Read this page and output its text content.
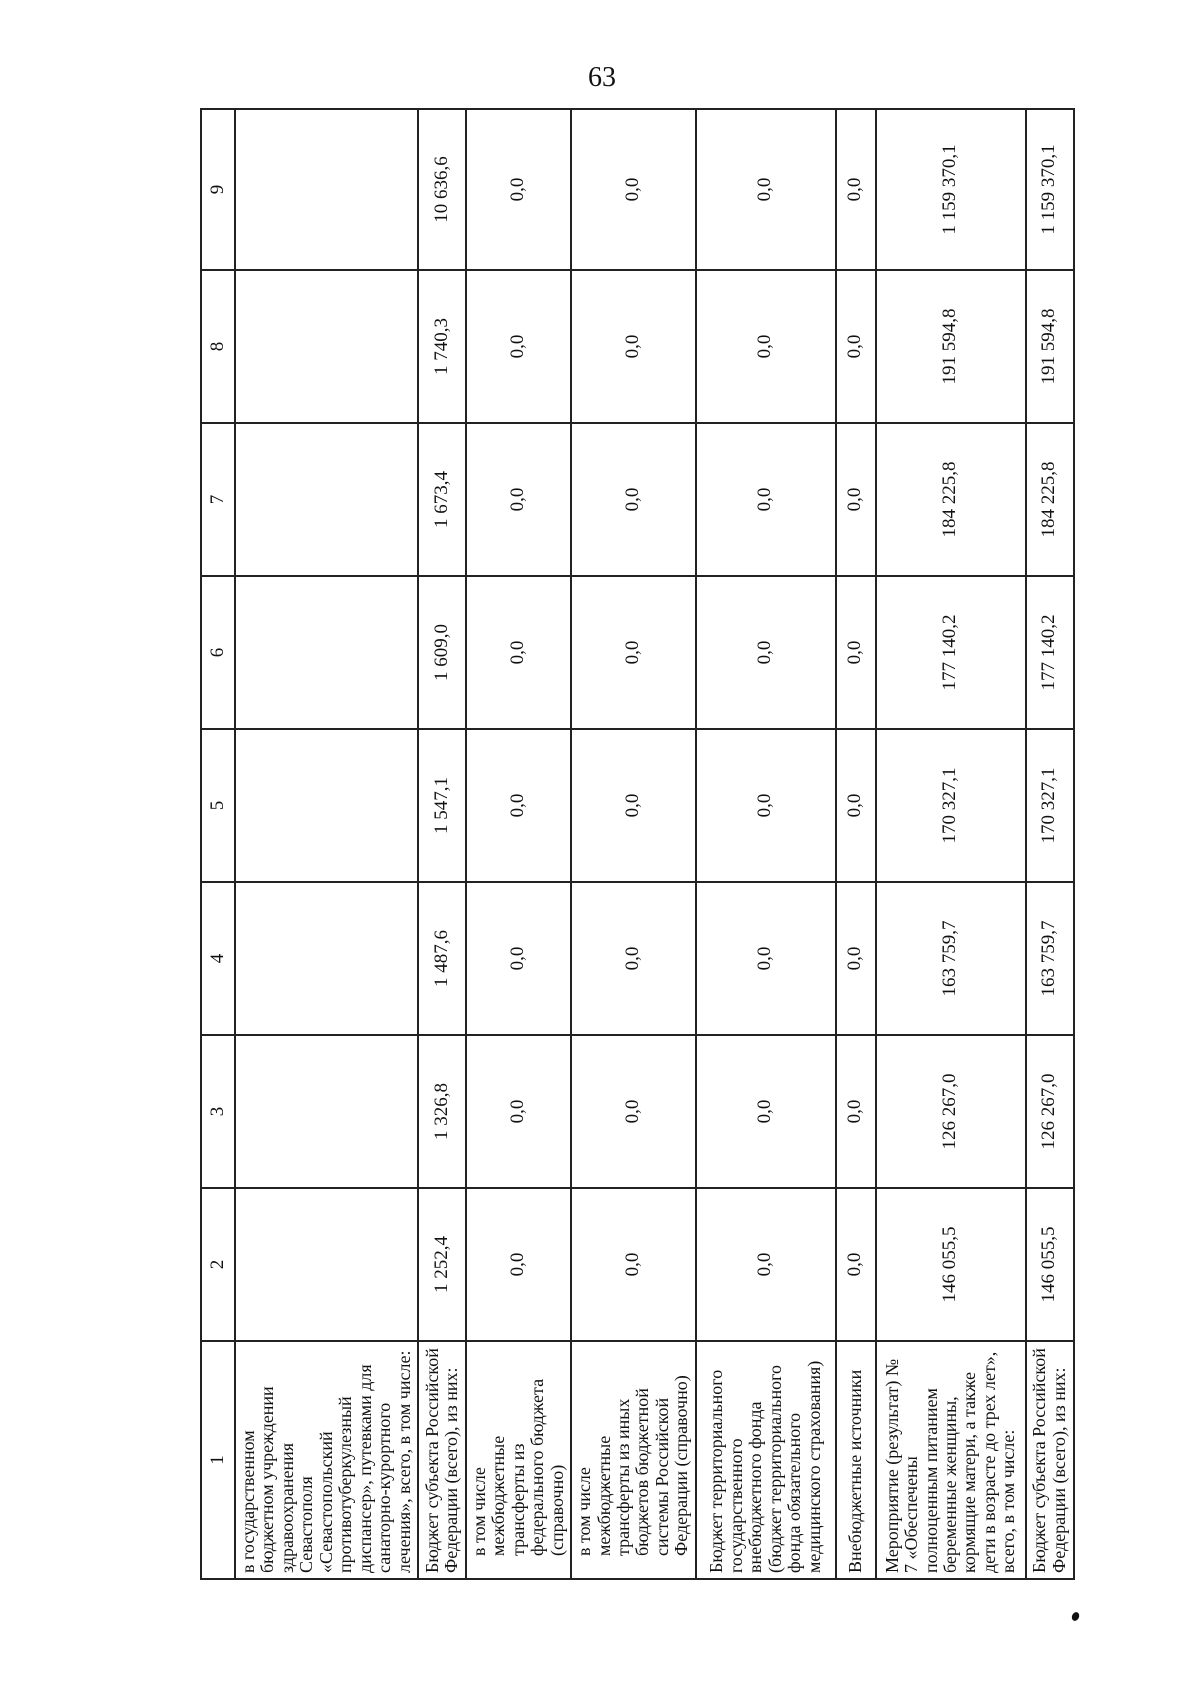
63
1	2	3	4	5	6	7	8	9
в государственном бюджетном учреждении здравоохранения Севастополя «Севастопольский противотуберкулезный диспансер», путевками для санаторно-курортного лечения», всего, в том числе:								
Бюджет субъекта Российской Федерации (всего), из них:	1 252,4	1 326,8	1 487,6	1 547,1	1 609,0	1 673,4	1 740,3	10 636,6
в том числе межбюджетные трансферты из федерального бюджета (справочно)	0,0	0,0	0,0	0,0	0,0	0,0	0,0	0,0
в том числе межбюджетные трансферты из иных бюджетов бюджетной системы Российской Федерации (справочно)	0,0	0,0	0,0	0,0	0,0	0,0	0,0	0,0
Бюджет территориального государственного внебюджетного фонда (бюджет территориального фонда обязательного медицинского страхования)	0,0	0,0	0,0	0,0	0,0	0,0	0,0	0,0
Внебюджетные источники	0,0	0,0	0,0	0,0	0,0	0,0	0,0	0,0
Мероприятие (результат) № 7 «Обеспечены полноценным питанием беременные женщины, кормящие матери, а также дети в возрасте до трех лет», всего, в том числе:	146 055,5	126 267,0	163 759,7	170 327,1	177 140,2	184 225,8	191 594,8	1 159 370,1
Бюджет субъекта Российской Федерации (всего), из них:	146 055,5	126 267,0	163 759,7	170 327,1	177 140,2	184 225,8	191 594,8	1 159 370,1
